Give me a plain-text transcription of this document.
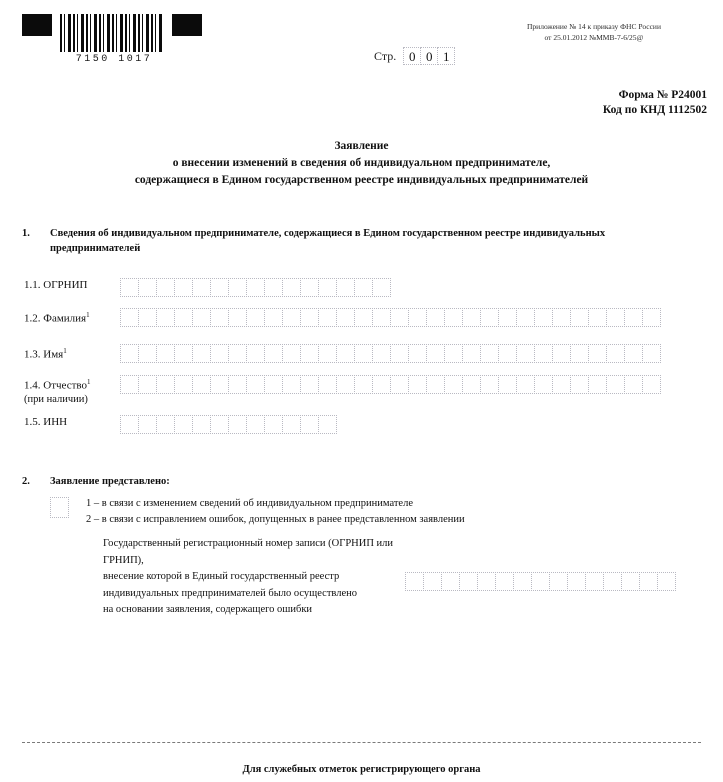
7150 1017
Приложение № 14 к приказу ФНС России
от 25.01.2012 №ММВ-7-6/25@
Стр. 0 0 1
Форма № Р24001
Код по КНД 1112502
Заявление
о внесении изменений в сведения об индивидуальном предпринимателе,
содержащиеся в Едином государственном реестре индивидуальных предпринимателей
1. Сведения об индивидуальном предпринимателе, содержащиеся в Едином государственном реестре индивидуальных предпринимателей
1.1. ОГРНИП
1.2. Фамилия$^1$
1.3. Имя$^1$
1.4. Отчество$^1$
(при наличии)
1.5. ИНН
2. Заявление представлено:
1 – в связи с изменением сведений об индивидуальном предпринимателе
2 – в связи с исправлением ошибок, допущенных в ранее представленном заявлении
Государственный регистрационный номер записи (ОГРНИП или ГРНИП),
внесение которой в Единый государственный реестр
индивидуальных предпринимателей было осуществлено
на основании заявления, содержащего ошибки
Для служебных отметок регистрирующего органа
